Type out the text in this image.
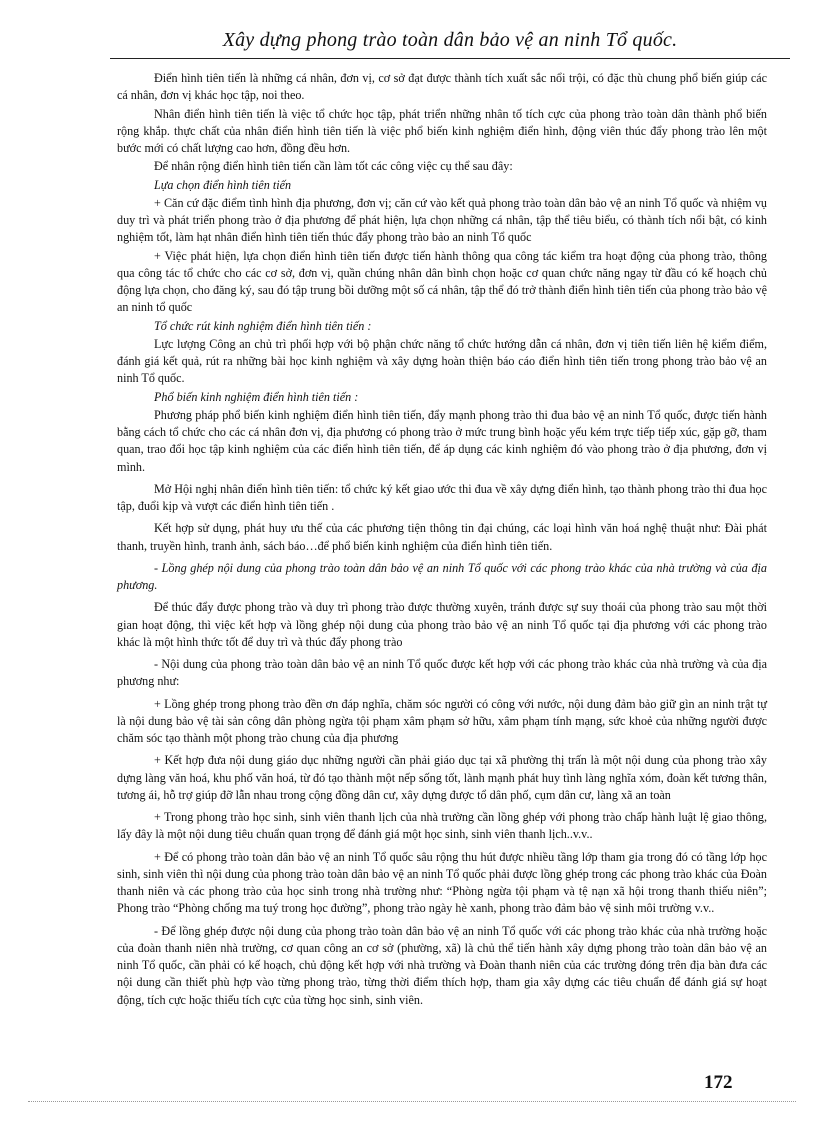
Xây dựng phong trào toàn dân bảo vệ an ninh Tổ quốc.

Điển hình tiên tiến là những cá nhân, đơn vị, cơ sở đạt được thành tích xuất sắc nổi trội, có đặc thù chung phổ biến giúp các cá nhân, đơn vị khác học tập, noi theo.

Nhân điển hình tiên tiến là việc tổ chức học tập, phát triển những nhân tố tích cực của phong trào toàn dân thành phổ biến rộng khắp. thực chất của nhân điển hình tiên tiến là việc phổ biến kinh nghiệm điển hình, động viên thúc đẩy phong trào lên một bước mới có chất lượng cao hơn, đồng đều hơn.

Để nhân rộng điển hình tiên tiến cần làm tốt các công việc cụ thể sau đây:

Lựa chọn điển hình tiên tiến

+ Căn cứ đặc điểm tình hình địa phương, đơn vị; căn cứ vào kết quả phong trào toàn dân bảo vệ an ninh Tổ quốc và nhiệm vụ duy trì và phát triển phong trào ở địa phương để phát hiện, lựa chọn những cá nhân, tập thể tiêu biểu, có thành tích nổi bật, có kinh nghiệm tốt, làm hạt nhân điển hình tiên tiến thúc đẩy phong trào bảo an ninh Tổ quốc

+ Việc phát hiện, lựa chọn điển hình tiên tiến được tiến hành thông qua công tác kiểm tra hoạt động của phong trào, thông qua công tác tổ chức cho các cơ sở, đơn vị, quần chúng nhân dân bình chọn hoặc cơ quan chức năng ngay từ đầu có kế hoạch chủ động lựa chọn, cho đăng ký, sau đó tập trung bồi dưỡng một số cá nhân, tập thể đó trở thành điển hình tiên tiến của phong trào bảo vệ an ninh tổ quốc

Tổ chức rút kinh nghiệm điển hình tiên tiến :

Lực lượng Công an chủ trì phối hợp với bộ phận chức năng tổ chức hướng dẫn cá nhân, đơn vị tiên tiến liên hệ kiểm điểm, đánh giá kết quả, rút ra những bài học kinh nghiệm và xây dựng hoàn thiện báo cáo điển hình tiên tiến trong phong trào bảo vệ an ninh Tổ quốc.

Phổ biến kinh nghiệm điển hình tiên tiến :

Phương pháp phổ biến kinh nghiệm điển hình tiên tiến, đẩy mạnh phong trào thi đua bảo vệ an ninh Tổ quốc, được tiến hành bằng cách tổ chức cho các cá nhân đơn vị, địa phương có phong trào ở mức trung bình hoặc yếu kém trực tiếp tiếp xúc, gặp gỡ, tham quan, trao đổi học tập kinh nghiệm của các điển hình tiên tiến, để áp dụng các kinh nghiệm đó vào phong trào ở địa phương, đơn vị mình.

Mở Hội nghị nhân điển hình tiên tiến: tổ chức ký kết giao ước thi đua về xây dựng điển hình, tạo thành phong trào thi đua học tập, đuổi kịp và vượt các điển hình tiên tiến .

Kết hợp sử dụng, phát huy ưu thế của các phương tiện thông tin đại chúng, các loại hình văn hoá nghệ thuật như: Đài phát thanh, truyền hình, tranh ảnh, sách báo…để phổ biến kinh nghiệm của điển hình tiên tiến.

- Lồng ghép nội dung của phong trào toàn dân bảo vệ an ninh Tổ quốc với các phong trào khác của nhà trường và của địa phương.

Để thúc đẩy được phong trào và duy trì phong trào được thường xuyên, tránh được sự suy thoái của phong trào sau một thời gian hoạt động, thì việc kết hợp và lồng ghép nội dung của phong trào bảo vệ an ninh Tổ quốc tại địa phương với các phong trào khác là một hình thức tốt để duy trì và thúc đẩy phong trào

- Nội dung của phong trào toàn dân bảo vệ an ninh Tổ quốc được kết hợp với các phong trào khác của nhà trường và của địa phương như:

+ Lồng ghép trong phong trào đền ơn đáp nghĩa, chăm sóc người có công với nước, nội dung đảm bảo giữ gìn an ninh trật tự là nội dung bảo vệ tài sản công dân phòng ngừa tội phạm xâm phạm sở hữu, xâm phạm tính mạng, sức khoẻ của những người được chăm sóc tạo thành một phong trào chung của địa phương

+ Kết hợp đưa nội dung giáo dục những người cần phải giáo dục tại xã phường thị trấn là một nội dung của phong trào xây dựng làng văn hoá, khu phố văn hoá, từ đó tạo thành một nếp sống tốt, lành mạnh phát huy tình làng nghĩa xóm, đoàn kết tương thân, tương ái, hỗ trợ giúp đỡ lẫn nhau trong cộng đồng dân cư, xây dựng được tổ dân phố, cụm dân cư, làng xã an toàn

+ Trong phong trào học sinh, sinh viên thanh lịch của nhà trường cần lồng ghép với phong trào chấp hành luật lệ giao thông, lấy đây là một nội dung tiêu chuẩn quan trọng để đánh giá một học sinh, sinh viên thanh lịch..v.v..

+ Để có phong trào toàn dân bảo vệ an ninh Tổ quốc sâu rộng thu hút được nhiều tầng lớp tham gia trong đó có tầng lớp học sinh, sinh viên thì nội dung của phong trào toàn dân bảo vệ an ninh Tổ quốc phải được lồng ghép trong các phong trào khác của Đoàn thanh niên và các phong trào của học sinh trong nhà trường như: “Phòng ngừa tội phạm và tệ nạn xã hội trong thanh thiếu niên”; Phong trào “Phòng chống ma tuý trong học đường”, phong trào ngày hè xanh, phong trào đảm bảo vệ sinh môi trường v.v..

- Để lồng ghép được nội dung của phong trào toàn dân bảo vệ an ninh Tổ quốc với các phong trào khác của nhà trường hoặc của đoàn thanh niên nhà trường, cơ quan công an cơ sở (phường, xã) là chủ thể tiến hành xây dựng phong trào toàn dân bảo vệ an ninh Tổ quốc, cần phải có kế hoạch, chủ động kết hợp với nhà trường và Đoàn thanh niên của các trường đóng trên địa bàn đưa các nội dung cần thiết phù hợp vào từng phong trào, từng thời điểm thích hợp, tham gia xây dựng các tiêu chuẩn để đánh giá sự hoạt động, tích cực hoặc thiếu tích cực của từng học sinh, sinh viên.

172
